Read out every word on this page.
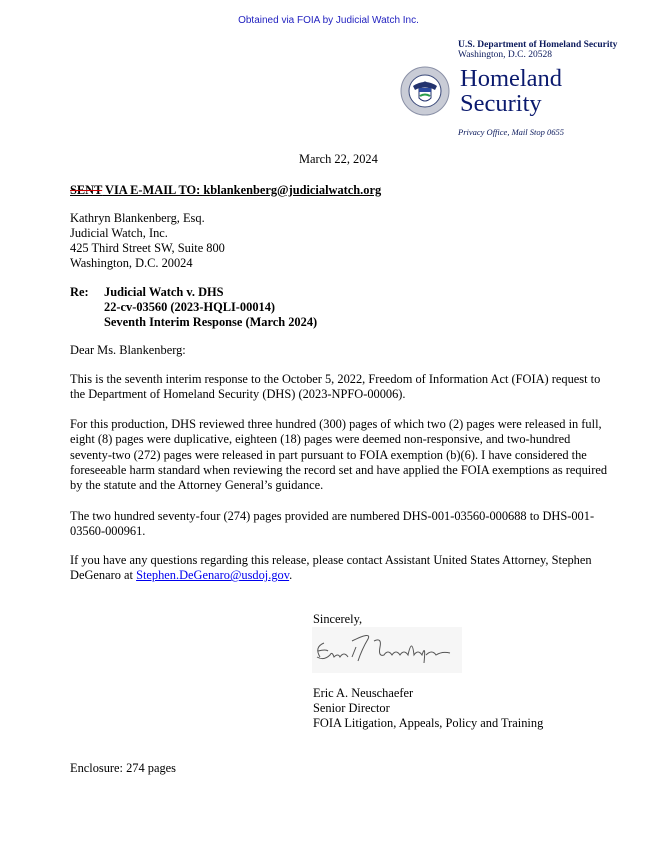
Obtained via FOIA by Judicial Watch Inc.
U.S. Department of Homeland Security
Washington, D.C. 20528
Homeland
Security
Privacy Office, Mail Stop 0655
March 22, 2024
SENT VIA E-MAIL TO: kblankenberg@judicialwatch.org
Kathryn Blankenberg, Esq.
Judicial Watch, Inc.
425 Third Street SW, Suite 800
Washington, D.C. 20024
Re: Judicial Watch v. DHS
22-cv-03560 (2023-HQLI-00014)
Seventh Interim Response (March 2024)
Dear Ms. Blankenberg:
This is the seventh interim response to the October 5, 2022, Freedom of Information Act (FOIA) request to the Department of Homeland Security (DHS) (2023-NPFO-00006).
For this production, DHS reviewed three hundred (300) pages of which two (2) pages were released in full, eight (8) pages were duplicative, eighteen (18) pages were deemed non-responsive, and two-hundred seventy-two (272) pages were released in part pursuant to FOIA exemption (b)(6). I have considered the foreseeable harm standard when reviewing the record set and have applied the FOIA exemptions as required by the statute and the Attorney General’s guidance.
The two hundred seventy-four (274) pages provided are numbered DHS-001-03560-000688 to DHS-001-03560-000961.
If you have any questions regarding this release, please contact Assistant United States Attorney, Stephen DeGenaro at Stephen.DeGenaro@usdoj.gov.
Sincerely,
Eric A. Neuschaefer
Senior Director
FOIA Litigation, Appeals, Policy and Training
Enclosure: 274 pages
